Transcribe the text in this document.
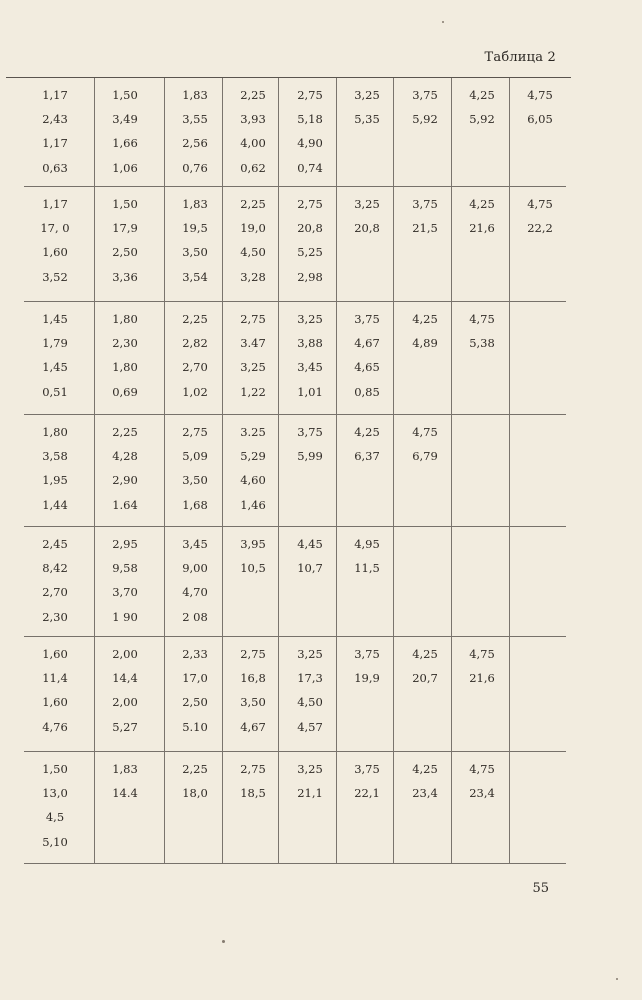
Таблица 2
1,17	1,50	1,83	2,25	2,75	3,25	3,75	4,25	4,75
2,43	3,49	3,55	3,93	5,18	5,35	5,92	5,92	6,05
1,17	1,66	2,56	4,00	4,90
0,63	1,06	0,76	0,62	0,74
1,17	1,50	1,83	2,25	2,75	3,25	3,75	4,25	4,75
17, 0	17,9	19,5	19,0	20,8	20,8	21,5	21,6	22,2
1,60	2,50	3,50	4,50	5,25
3,52	3,36	3,54	3,28	2,98
1,45	1,80	2,25	2,75	3,25	3,75	4,25	4,75
1,79	2,30	2,82	3.47	3,88	4,67	4,89	5,38
1,45	1,80	2,70	3,25	3,45	4,65
0,51	0,69	1,02	1,22	1,01	0,85
1,80	2,25	2,75	3.25	3,75	4,25	4,75
3,58	4,28	5,09	5,29	5,99	6,37	6,79
1,95	2,90	3,50	4,60
1,44	1.64	1,68	1,46
2,45	2,95	3,45	3,95	4,45	4,95
8,42	9,58	9,00	10,5	10,7	11,5
2,70	3,70	4,70
2,30	1 90	2 08
1,60	2,00	2,33	2,75	3,25	3,75	4,25	4,75
11,4	14,4	17,0	16,8	17,3	19,9	20,7	21,6
1,60	2,00	2,50	3,50	4,50
4,76	5,27	5.10	4,67	4,57
1,50	1,83	2,25	2,75	3,25	3,75	4,25	4,75
13,0	14.4	18,0	18,5	21,1	22,1	23,4	23,4
4,5
5,10
55
